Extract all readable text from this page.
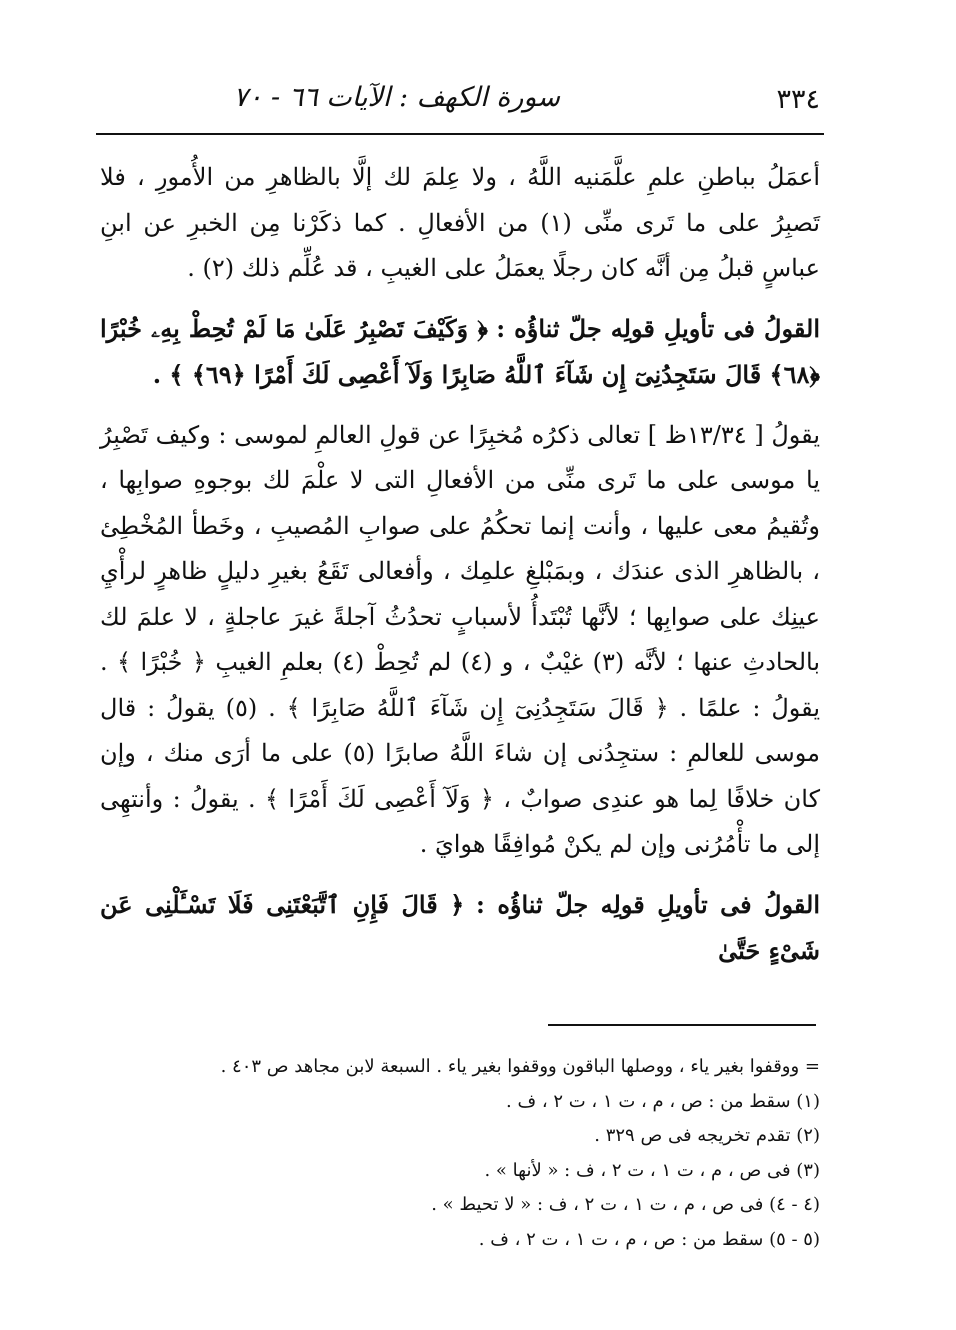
٣٣٤
سورة الكهف : الآيات ٦٦ - ٧٠

أعمَلُ بباطنِ علمِ علَّمَنيه اللَّهُ ، ولا عِلمَ لك إلَّا بالظاهرِ من الأُمورِ ، فلا تَصبِرُ على ما تَرى منِّى (١) من الأفعالِ . كما ذكَرْنا مِن الخبرِ عن ابنِ عباسٍ قبلُ مِن أنَّه كان رجلًا يعمَلُ على الغيبِ ، قد عُلِّم ذلك (٢) .

القولُ فى تأويلِ قولِه جلّ ثناؤُه : ﴿ وَكَيْفَ تَصْبِرُ عَلَىٰ مَا لَمْ تُحِطْ بِهِۦ خُبْرًا ﴿٦٨﴾ قَالَ سَتَجِدُنِىٓ إِن شَآءَ ٱللَّهُ صَابِرًا وَلَآ أَعْصِى لَكَ أَمْرًا ﴿٦٩﴾ ﴾ .

يقولُ [ ١٣/٣٤ظ ] تعالى ذكرُه مُخبِرًا عن قولِ العالمِ لموسى : وكيف تَصْبِرُ يا موسى على ما تَرى منِّى من الأفعالِ التى لا علْمَ لك بوجوهِ صوابِها ، وتُقيمُ معى عليها ، وأنت إنما تحكُمُ على صوابِ المُصيبِ ، وخَطأ المُخْطِئ ، بالظاهرِ الذى عندَك ، وبمَبْلغِ علمِك ، وأفعالى تَقَعُ بغيرِ دليلٍ ظاهرٍ لرأْيِ عينِك على صوابِها ؛ لأنَّها تُبْتَدأُ لأسبابٍ تحدُثُ آجلةً غيرَ عاجلةٍ ، لا علمَ لك بالحادثِ عنها ؛ لأنَّه (٣) غيْبٌ ، و (٤) لم تُحِطْ (٤) بعلمِ الغيبِ ﴿ خُبْرًا ﴾ . يقولُ : علمًا . ﴿ قَالَ سَتَجِدُنِىٓ إِن شَآءَ ٱللَّهُ صَابِرًا ﴾ . (٥) يقولُ : قال موسى للعالمِ : ستجِدُنى إن شاءَ اللَّهُ صابرًا (٥) على ما أرَى منك ، وإن كان خلافًا لِما هو عندِى صوابٌ ، ﴿ وَلَآ أَعْصِى لَكَ أَمْرًا ﴾ . يقولُ : وأنتهِى إلى ما تأْمُرُنى وإن لم يكنْ مُوافِقًا هوايَ .

القولُ فى تأويلِ قولِه جلّ ثناؤُه : ﴿ قَالَ فَإِنِ ٱتَّبَعْتَنِى فَلَا تَسْـَٔلْنِى عَن شَىْءٍ حَتَّىٰ

= ووقفوا بغير ياء ، ووصلها الباقون ووقفوا بغير ياء . السبعة لابن مجاهد ص ٤٠٣ .

(١) سقط من : ص ، م ، ت ١ ، ت ٢ ، ف .

(٢) تقدم تخريجه فى ص ٣٢٩ .

(٣) فى ص ، م ، ت ١ ، ت ٢ ، ف : « لأنها » .

(٤ - ٤) فى ص ، م ، ت ١ ، ت ٢ ، ف : « لا تحيط » .

(٥ - ٥) سقط من : ص ، م ، ت ١ ، ت ٢ ، ف .
